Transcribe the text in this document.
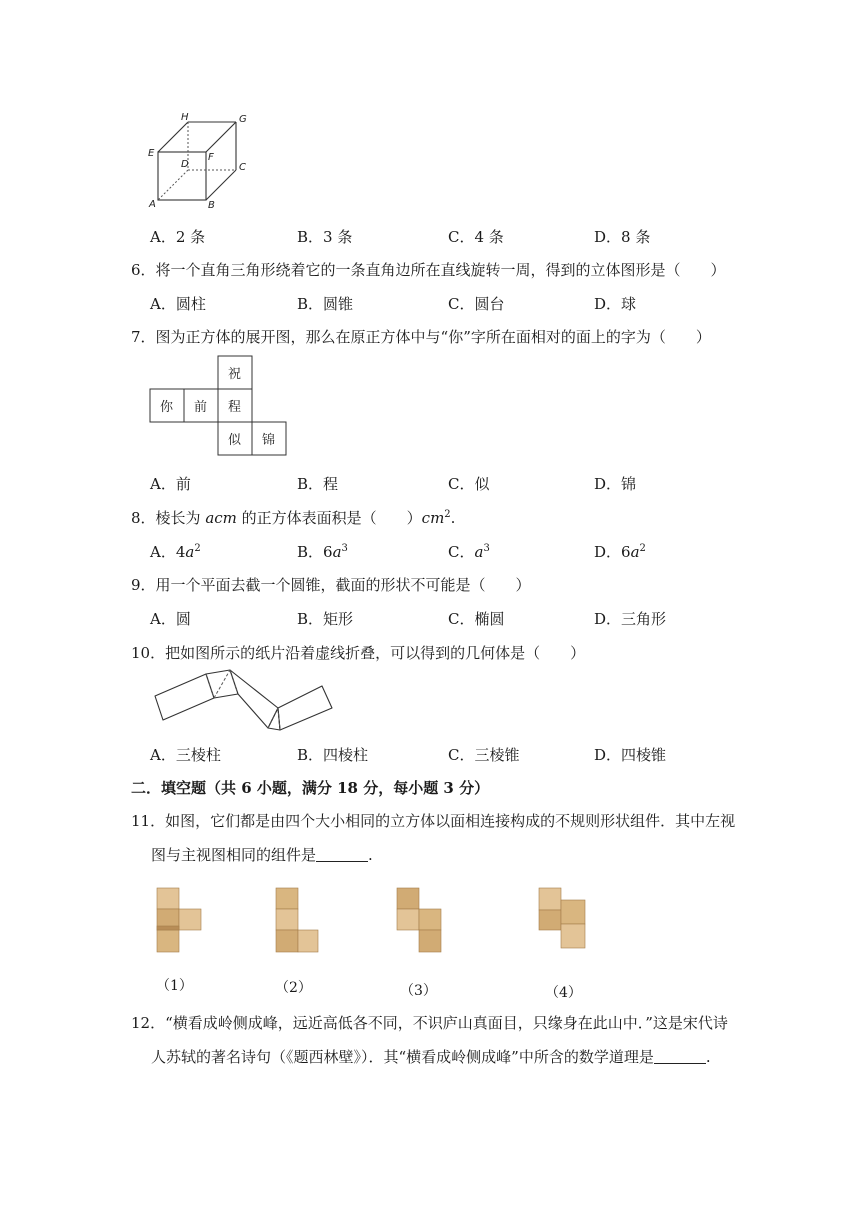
H	G
E
D
F
C
A	B
A．2 条	B．3 条	C．4 条	D．8 条
6．将一个直角三角形绕着它的一条直角边所在直线旋转一周，得到的立体图形是（　　）
A．圆柱	B．圆锥	C．圆台	D．球
7．图为正方体的展开图，那么在原正方体中与“你”字所在面相对的面上的字为（　　）
祝
你 前 程
似 锦
A．前	B．程	C．似	D．锦
8．棱长为 acm 的正方体表面积是（　　）$cm^2$.
A．$4a^2$	B．$6a^3$	C．$a^3$	D．$6a^2$
9．用一个平面去截一个圆锥，截面的形状不可能是（　　）
A．圆	B．矩形	C．椭圆	D．三角形
10．把如图所示的纸片沿着虚线折叠，可以得到的几何体是（　　）
A．三棱柱	B．四棱柱	C．三棱锥	D．四棱锥
二．填空题（共 6 小题，满分 18 分，每小题 3 分）
11．如图，它们都是由四个大小相同的立方体以面相连接构成的不规则形状组件．其中左视
图与主视图相同的组件是	.
（1）	（2）	（3）	（4）
12．“横看成岭侧成峰，远近高低各不同，不识庐山真面目，只缘身在此山中．”这是宋代诗
人苏轼的著名诗句（《题西林壁》）．其“横看成岭侧成峰”中所含的数学道理是	.
